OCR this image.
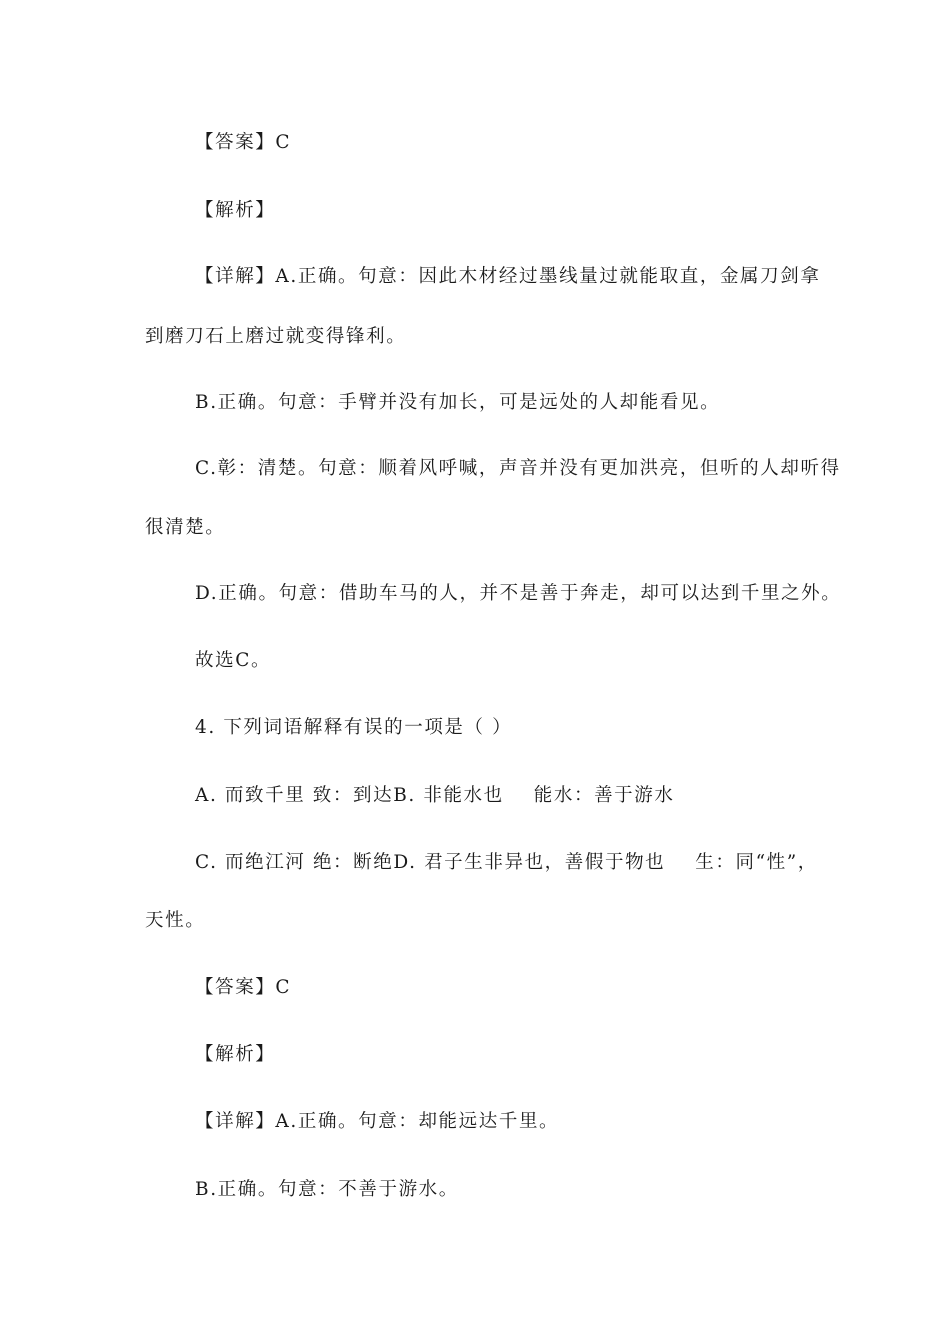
【答案】C
【解析】
【详解】A.正确。句意：因此木材经过墨线量过就能取直，金属刀剑拿
到磨刀石上磨过就变得锋利。
B.正确。句意：手臂并没有加长，可是远处的人却能看见。
C.彰：清楚。句意：顺着风呼喊，声音并没有更加洪亮，但听的人却听得
很清楚。
D.正确。句意：借助车马的人，并不是善于奔走，却可以达到千里之外。
故选C。
4. 下列词语解释有误的一项是（ ）
A. 而致千里 致：到达B. 非能水也 能水：善于游水
C. 而绝江河 绝：断绝D. 君子生非异也，善假于物也 生：同“性”，
天性。
【答案】C
【解析】
【详解】A.正确。句意：却能远达千里。
B.正确。句意：不善于游水。
